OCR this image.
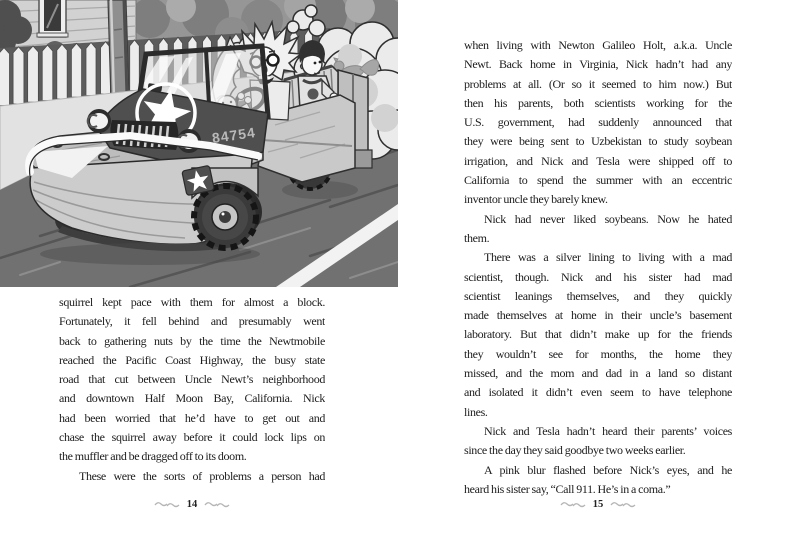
84754
squirrel kept pace with them for almost a block.
Fortunately, it fell behind and presumably went
back to gathering nuts by the time the Newtmobile
reached the Pacific Coast Highway, the busy state
road that cut between Uncle Newt’s neighborhood
and downtown Half Moon Bay, California. Nick
had been worried that he’d have to get out and
chase the squirrel away before it could lock lips on
the muffler and be dragged off to its doom.
These were the sorts of problems a person had
14
when living with Newton Galileo Holt, a.k.a. Uncle
Newt. Back home in Virginia, Nick hadn’t had any
problems at all. (Or so it seemed to him now.) But
then his parents, both scientists working for the
U.S. government, had suddenly announced that
they were being sent to Uzbekistan to study soybean
irrigation, and Nick and Tesla were shipped off to
California to spend the summer with an eccentric
inventor uncle they barely knew.
Nick had never liked soybeans. Now he hated
them.
There was a silver lining to living with a mad
scientist, though. Nick and his sister had mad
scientist leanings themselves, and they quickly
made themselves at home in their uncle’s basement
laboratory. But that didn’t make up for the friends
they wouldn’t see for months, the home they
missed, and the mom and dad in a land so distant
and isolated it didn’t even seem to have telephone
lines.
Nick and Tesla hadn’t heard their parents’ voices
since the day they said goodbye two weeks earlier.
A pink blur flashed before Nick’s eyes, and he
heard his sister say, “Call 911. He’s in a coma.”
15
